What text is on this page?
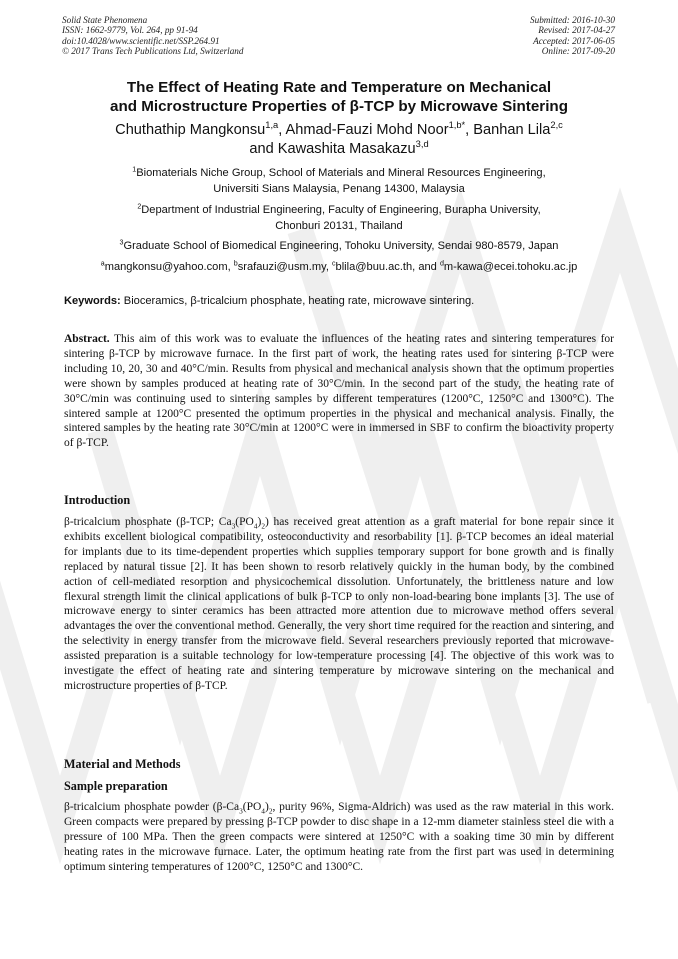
Solid State Phenomena
ISSN: 1662-9779, Vol. 264, pp 91-94
doi:10.4028/www.scientific.net/SSP.264.91
© 2017 Trans Tech Publications Ltd, Switzerland
Submitted: 2016-10-30
Revised: 2017-04-27
Accepted: 2017-06-05
Online: 2017-09-20
The Effect of Heating Rate and Temperature on Mechanical
and Microstructure Properties of β-TCP by Microwave Sintering
Chuthathip Mangkonsu$^{1,a}$, Ahmad-Fauzi Mohd Noor$^{1,b*}$, Banhan Lila$^{2,c}$
and Kawashita Masakazu$^{3,d}$
$^1$Biomaterials Niche Group, School of Materials and Mineral Resources Engineering,
Universiti Sians Malaysia, Penang 14300, Malaysia
$^2$Department of Industrial Engineering, Faculty of Engineering, Burapha University,
Chonburi 20131, Thailand
$^3$Graduate School of Biomedical Engineering, Tohoku University, Sendai 980-8579, Japan
$^a$mangkonsu@yahoo.com, $^b$srafauzi@usm.my, $^c$blila@buu.ac.th, and $^d$m-kawa@ecei.tohoku.ac.jp
Keywords: Bioceramics, β-tricalcium phosphate, heating rate, microwave sintering.
Abstract. This aim of this work was to evaluate the influences of the heating rates and sintering temperatures for sintering β-TCP by microwave furnace. In the first part of work, the heating rates used for sintering β-TCP were including 10, 20, 30 and 40°C/min. Results from physical and mechanical analysis shown that the optimum properties were shown by samples produced at heating rate of 30°C/min. In the second part of the study, the heating rate of 30°C/min was continuing used to sintering samples by different temperatures (1200°C, 1250°C and 1300°C). The sintered sample at 1200°C presented the optimum properties in the physical and mechanical analysis. Finally, the sintered samples by the heating rate 30°C/min at 1200°C were in immersed in SBF to confirm the bioactivity property of β-TCP.
Introduction
β-tricalcium phosphate (β-TCP; $Ca_3(PO_4)_2$) has received great attention as a graft material for bone repair since it exhibits excellent biological compatibility, osteoconductivity and resorbability [1]. β-TCP becomes an ideal material for implants due to its time-dependent properties which supplies temporary support for bone growth and is finally replaced by natural tissue [2]. It has been shown to resorb relatively quickly in the human body, by the combined action of cell-mediated resorption and physicochemical dissolution. Unfortunately, the brittleness nature and low flexural strength limit the clinical applications of bulk β-TCP to only non-load-bearing bone implants [3]. The use of microwave energy to sinter ceramics has been attracted more attention due to microwave method offers several advantages the over the conventional method. Generally, the very short time required for the reaction and sintering, and the selectivity in energy transfer from the microwave field. Several researchers previously reported that microwave-assisted preparation is a suitable technology for low-temperature processing [4]. The objective of this work was to investigate the effect of heating rate and sintering temperature by microwave sintering on the mechanical and microstructure properties of β-TCP.
Material and Methods
Sample preparation
β-tricalcium phosphate powder ($\beta-Ca_3(PO_4)_2$, purity 96%, Sigma-Aldrich) was used as the raw material in this work. Green compacts were prepared by pressing β-TCP powder to disc shape in a 12-mm diameter stainless steel die with a pressure of 100 MPa. Then the green compacts were sintered at 1250°C with a soaking time 30 min by different heating rates in the microwave furnace. Later, the optimum heating rate from the first part was used in determining optimum sintering temperatures of 1200°C, 1250°C and 1300°C.
